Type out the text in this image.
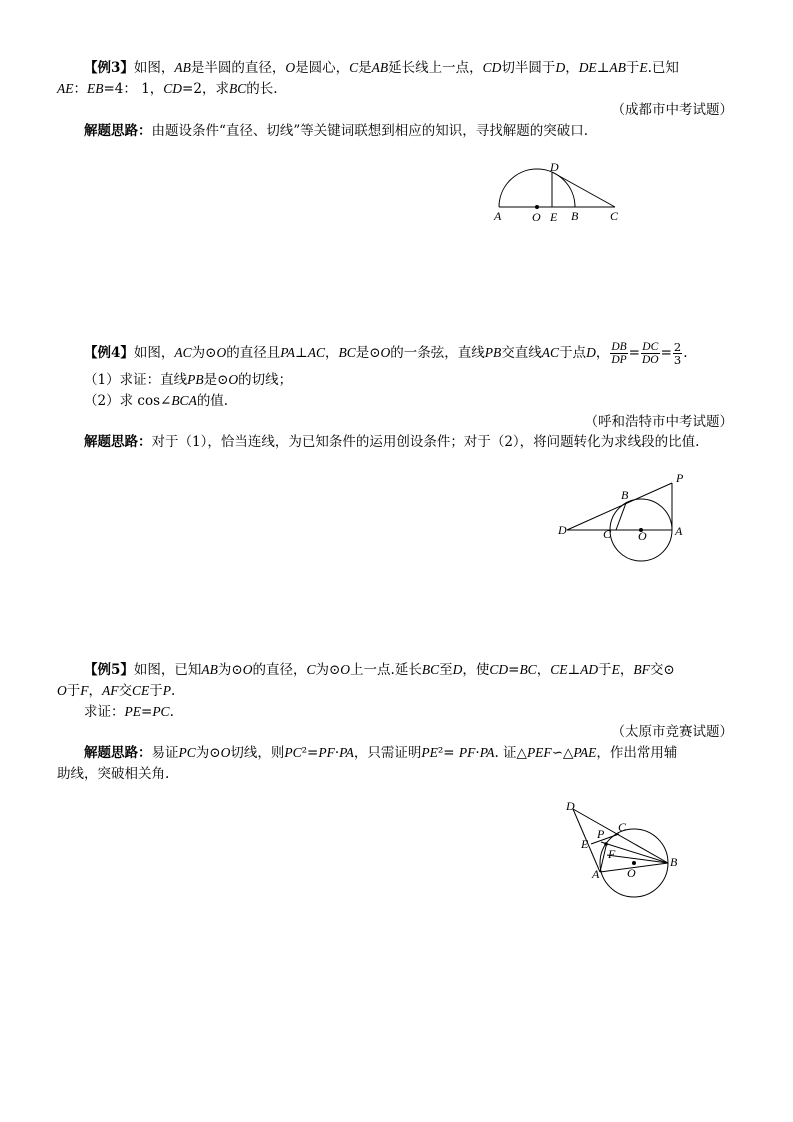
【例3】如图，AB是半圆的直径，O是圆心，C是AB延长线上一点，CD切半圆于D，DE⊥AB于E.已知
AE：EB=4： 1，CD=2，求BC的长.
（成都市中考试题）
解题思路：由题设条件“直径、切线”等关键词联想到相应的知识，寻找解题的突破口.
D
A	O E B	C
【例4】如图，AC为⊙O的直径且PA⊥AC，BC是⊙O的一条弦，直线PB交直线AC于点D， $\frac{DB}{DP} = \frac{DC}{DO} = \frac{2}{3}$ .
（1）求证：直线PB是⊙O的切线；
（2）求 cos∠BCA的值.
（呼和浩特市中考试题）
解题思路：对于（1），恰当连线，为已知条件的运用创设条件；对于（2），将问题转化为求线段的比值.
D	C O A
B
P
【例5】如图，已知AB为⊙O的直径，C为⊙O上一点.延长BC至D，使CD=BC，CE⊥AD于E，BF交⊙
O于F，AF交CE于P.
求证：PE=PC.
（太原市竞赛试题）
解题思路：易证PC为⊙O切线，则PC²=PF·PA，只需证明PE²= PF·PA. 证△PEF∽△PAE，作出常用辅
助线，突破相关角.
D
P C
E
F
B
A O
